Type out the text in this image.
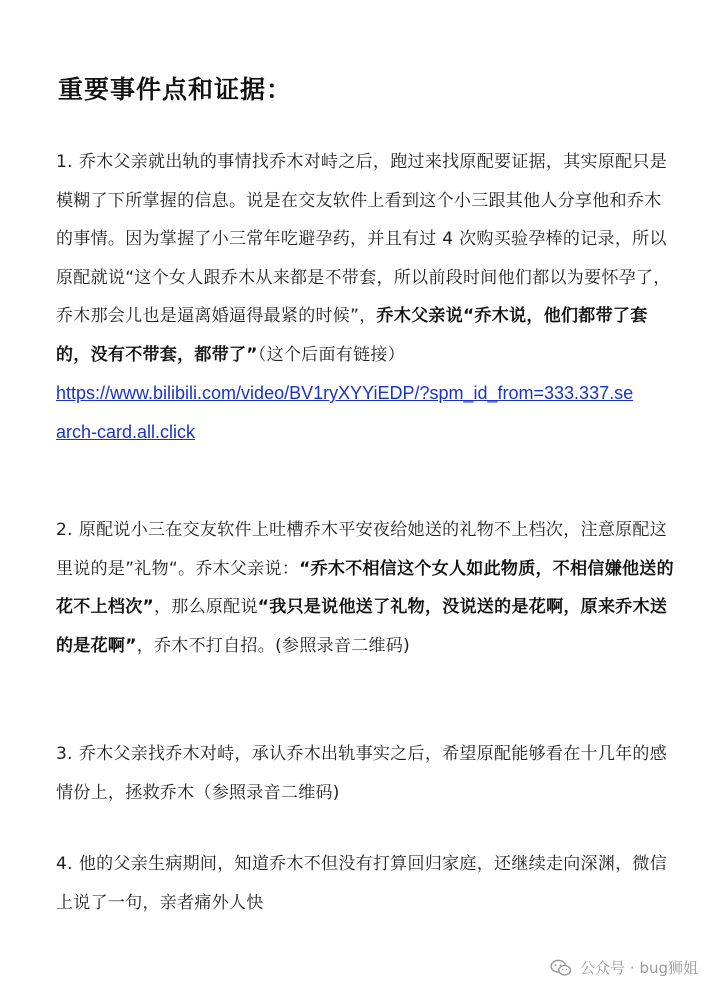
重要事件点和证据：

1. 乔木父亲就出轨的事情找乔木对峙之后，跑过来找原配要证据，其实原配只是模糊了下所掌握的信息。说是在交友软件上看到这个小三跟其他人分享他和乔木的事情。因为掌握了小三常年吃避孕药，并且有过 4 次购买验孕棒的记录，所以原配就说“这个女人跟乔木从来都是不带套，所以前段时间他们都以为要怀孕了，乔木那会儿也是逼离婚逼得最紧的时候”，乔木父亲说“乔木说，他们都带了套的，没有不带套，都带了”（这个后面有链接）
https://www.bilibili.com/video/BV1ryXYYiEDP/?spm_id_from=333.337.se
arch-card.all.click

2. 原配说小三在交友软件上吐槽乔木平安夜给她送的礼物不上档次，注意原配这里说的是”礼物“。乔木父亲说：“乔木不相信这个女人如此物质，不相信嫌他送的花不上档次”，那么原配说“我只是说他送了礼物，没说送的是花啊，原来乔木送的是花啊”，乔木不打自招。(参照录音二维码)

3. 乔木父亲找乔木对峙，承认乔木出轨事实之后，希望原配能够看在十几年的感情份上，拯救乔木（参照录音二维码)

4. 他的父亲生病期间，知道乔木不但没有打算回归家庭，还继续走向深渊，微信上说了一句，亲者痛外人快

公众号 · bug狮姐
